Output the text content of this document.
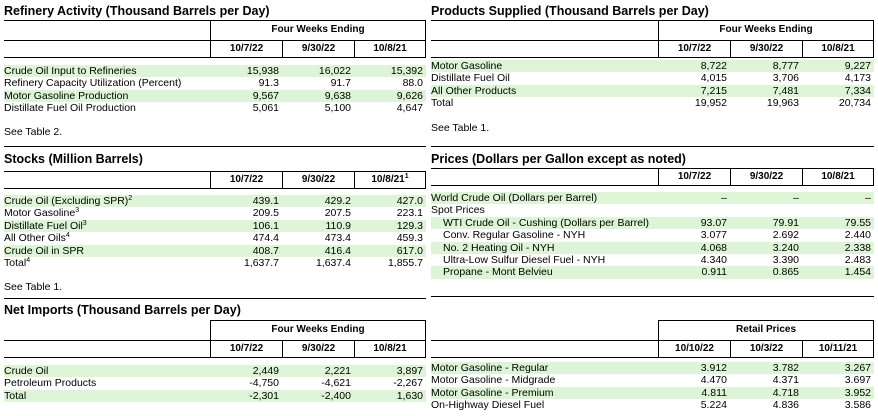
Refinery Activity (Thousand Barrels per Day)
Four Weeks Ending
10/7/22	9/30/22	10/8/21
Crude Oil Input to Refineries	15,938	16,022	15,392
Refinery Capacity Utilization (Percent)	91.3	91.7	88.0
Motor Gasoline Production	9,567	9,638	9,626
Distillate Fuel Oil Production	5,061	5,100	4,647
See Table 2.
Stocks (Million Barrels)
10/7/22	9/30/22	$10/8/21^1$
Crude Oil (Excluding SPR)$^2$	439.1	429.2	427.0
Motor Gasoline$^3$	209.5	207.5	223.1
Distillate Fuel Oil$^3$	106.1	110.9	129.3
All Other Oils$^4$	474.4	473.4	459.3
Crude Oil in SPR	408.7	416.4	617.0
Total$^4$	1,637.7	1,637.4	1,855.7
See Table 1.
Net Imports (Thousand Barrels per Day)
Four Weeks Ending
10/7/22	9/30/22	10/8/21
Crude Oil	2,449	2,221	3,897
Petroleum Products	-4,750	-4,621	-2,267
Total	-2,301	-2,400	1,630
Products Supplied (Thousand Barrels per Day)
Four Weeks Ending
10/7/22	9/30/22	10/8/21
Motor Gasoline	8,722	8,777	9,227
Distillate Fuel Oil	4,015	3,706	4,173
All Other Products	7,215	7,481	7,334
Total	19,952	19,963	20,734
See Table 1.
Prices (Dollars per Gallon except as noted)
10/7/22	9/30/22	10/8/21
World Crude Oil (Dollars per Barrel)	–	–	–
Spot Prices
WTI Crude Oil - Cushing (Dollars per Barrel)	93.07	79.91	79.55
Conv. Regular Gasoline - NYH	3.077	2.692	2.440
No. 2 Heating Oil - NYH	4.068	3.240	2.338
Ultra-Low Sulfur Diesel Fuel - NYH	4.340	3.390	2.483
Propane - Mont Belvieu	0.911	0.865	1.454
Retail Prices
10/10/22	10/3/22	10/11/21
Motor Gasoline - Regular	3.912	3.782	3.267
Motor Gasoline - Midgrade	4.470	4.371	3.697
Motor Gasoline - Premium	4.811	4.718	3.952
On-Highway Diesel Fuel	5.224	4.836	3.586
